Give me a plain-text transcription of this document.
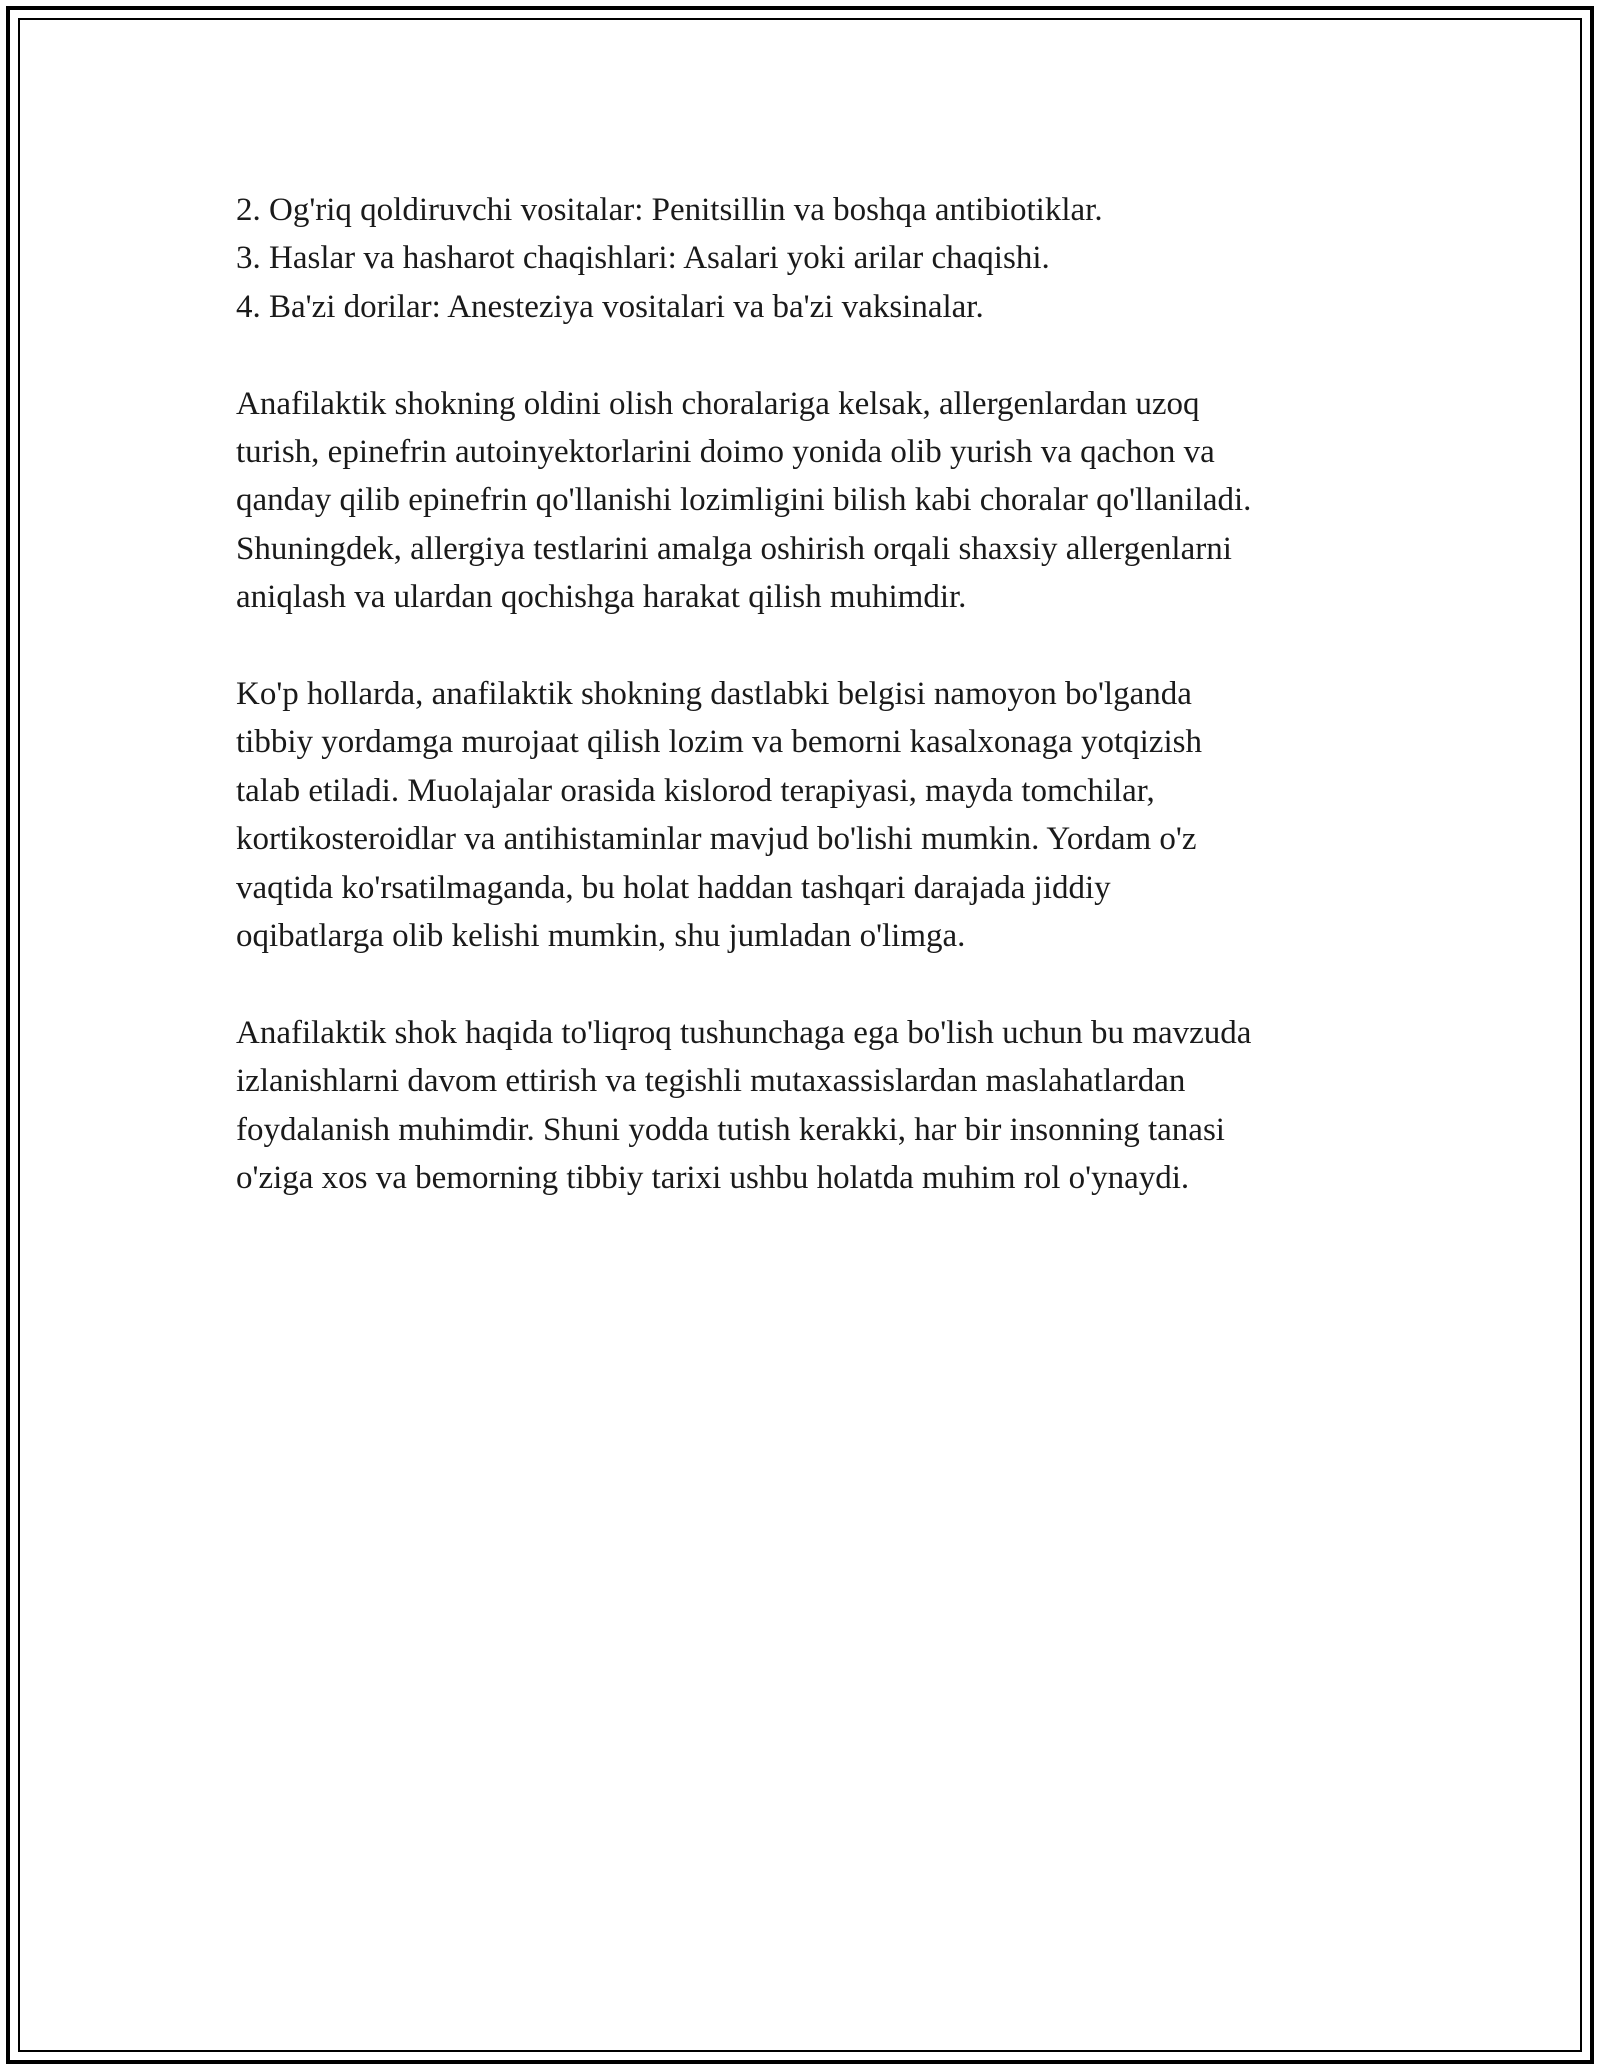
2. Og'riq qoldiruvchi vositalar: Penitsillin va boshqa antibiotiklar.
3. Haslar va hasharot chaqishlari: Asalari yoki arilar chaqishi.
4. Ba'zi dorilar: Anesteziya vositalari va ba'zi vaksinalar.
Anafilaktik shokning oldini olish choralariga kelsak, allergenlardan uzoq
turish, epinefrin autoinyektorlarini doimo yonida olib yurish va qachon va
qanday qilib epinefrin qo'llanishi lozimligini bilish kabi choralar qo'llaniladi.
Shuningdek, allergiya testlarini amalga oshirish orqali shaxsiy allergenlarni
aniqlash va ulardan qochishga harakat qilish muhimdir.
Ko'p hollarda, anafilaktik shokning dastlabki belgisi namoyon bo'lganda
tibbiy yordamga murojaat qilish lozim va bemorni kasalxonaga yotqizish
talab etiladi. Muolajalar orasida kislorod terapiyasi, mayda tomchilar,
kortikosteroidlar va antihistaminlar mavjud bo'lishi mumkin. Yordam o'z
vaqtida ko'rsatilmaganda, bu holat haddan tashqari darajada jiddiy
oqibatlarga olib kelishi mumkin, shu jumladan o'limga.
Anafilaktik shok haqida to'liqroq tushunchaga ega bo'lish uchun bu mavzuda
izlanishlarni davom ettirish va tegishli mutaxassislardan maslahatlardan
foydalanish muhimdir. Shuni yodda tutish kerakki, har bir insonning tanasi
o'ziga xos va bemorning tibbiy tarixi ushbu holatda muhim rol o'ynaydi.
